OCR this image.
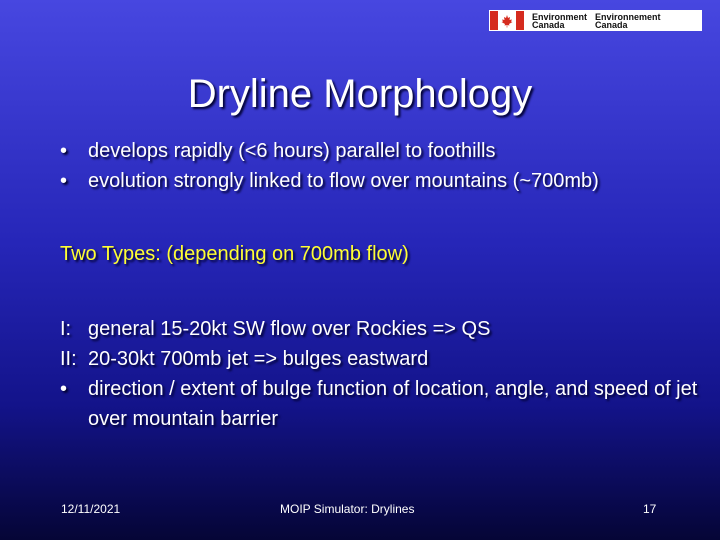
Environment
Canada
Environnement
Canada
Dryline Morphology
•	develops rapidly (<6 hours) parallel to foothills
•	evolution strongly linked to flow over mountains (~700mb)
Two Types: (depending on 700mb flow)
I: general 15-20kt SW flow over Rockies => QS
II: 20-30kt 700mb jet => bulges eastward
•	direction / extent of bulge function of location, angle, and speed of jet over mountain barrier
12/11/2021	MOIP Simulator: Drylines	17
